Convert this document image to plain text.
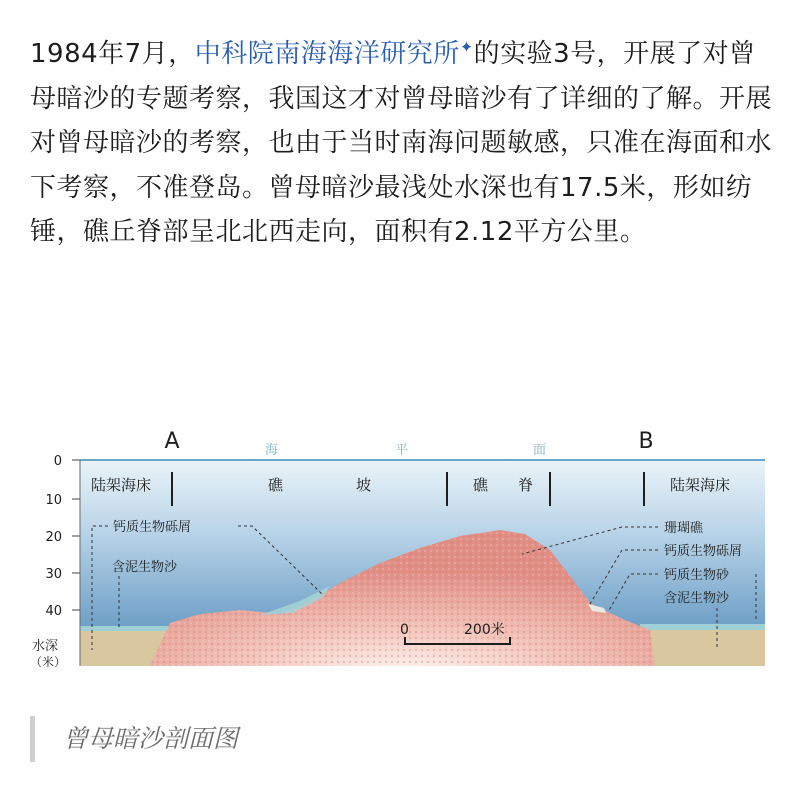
1984年7月，中科院南海海洋研究所✦的实验3号，开展了对曾母暗沙的专题考察，我国这才对曾母暗沙有了详细的了解。开展对曾母暗沙的考察，也由于当时南海问题敏感，只准在海面和水下考察，不准登岛。曾母暗沙最浅处水深也有17.5米，形如纺锤，礁丘脊部呈北北西走向，面积有2.12平方公里。
0
10
20
30
40
水深
（米）
A	B
海	平	面
陆架海床	礁	坡	礁 脊	陆架海床
钙质生物砾屑
含泥生物沙
珊瑚礁
钙质生物砾屑
钙质生物砂
含泥生物沙
0	200米
曾母暗沙剖面图
